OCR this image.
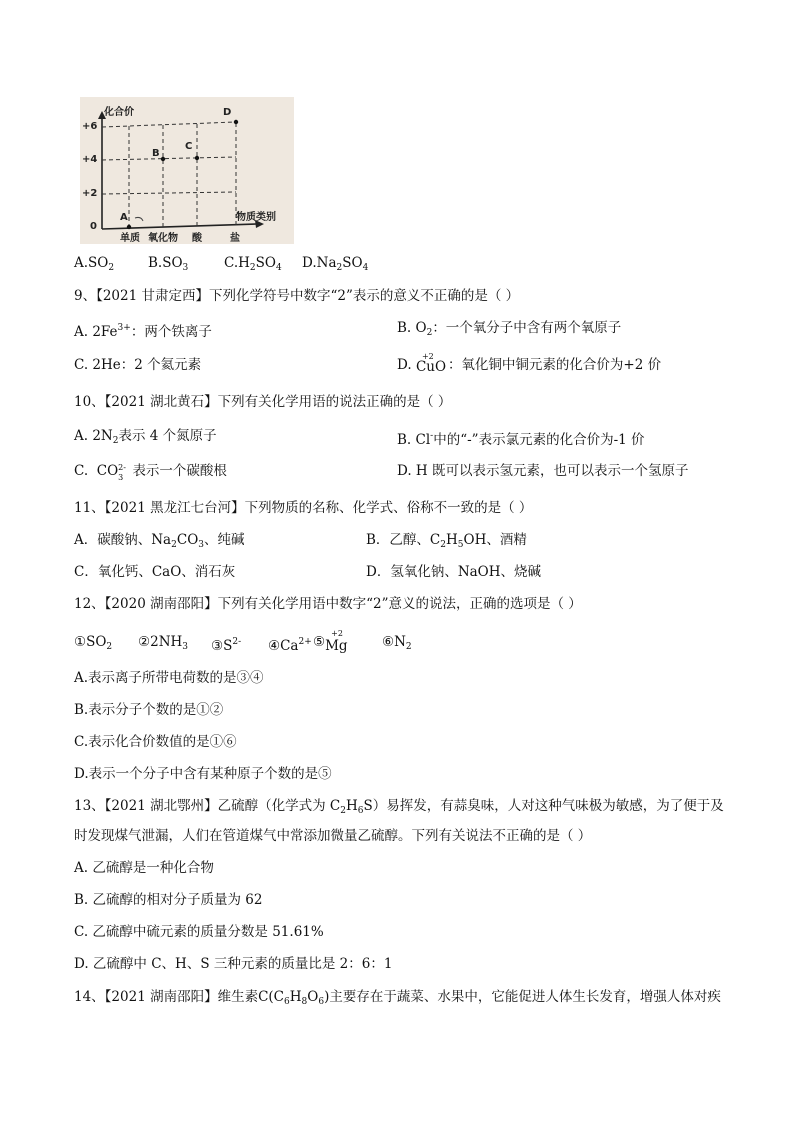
化合价
+6
+4
+2
0
A
B
C
D
物质类别
单质 氧化物 酸	盐
$A.SO_2$	$B.SO_3$	$C.H_2SO_4$ $D.Na_2SO_4$
9、【2021 甘肃定西】下列化学符号中数字“2”表示的意义不正确的是（ ）
A. $2Fe^{3+}$：两个铁离子	B. $O_2$：一个氧分子中含有两个氧原子
C. 2He：2 个氦元素	D.
+2
CuO ：氧化铜中铜元素的化合价为+2 价
10、【2021 湖北黄石】下列有关化学用语的说法正确的是（ ）
A. $2N_2$表示 4 个氮原子	B. Cl-中的“-”表示氯元素的化合价为-1 价
C. CO 2-
3 表示一个碳酸根	D. H 既可以表示氢元素，也可以表示一个氢原子
11、【2021 黑龙江七台河】下列物质的名称、化学式、俗称不一致的是（ ）
A．碳酸钠、$Na_2CO_3$、纯碱	B．乙醇、$C_2H_5OH$、酒精
C．氧化钙、CaO、消石灰	D．氢氧化钠、NaOH、烧碱
12、【2020 湖南邵阳】下列有关化学用语中数字“2”意义的说法，正确的选项是（ ）
$①SO_2$ $②2NH_3$ $③S^{2-}$ $④Ca^{2+}$ ⑤
+2
Mg	$⑥N_2$
A.表示离子所带电荷数的是③④
B.表示分子个数的是①②
C.表示化合价数值的是①⑥
D.表示一个分子中含有某种原子个数的是⑤
13、【2021 湖北鄂州】乙硫醇（化学式为 $C_2H_6S$）易挥发，有蒜臭味，人对这种气味极为敏感，为了便于及
时发现煤气泄漏，人们在管道煤气中常添加微量乙硫醇。下列有关说法不正确的是（ ）
A. 乙硫醇是一种化合物
B. 乙硫醇的相对分子质量为 62
C. 乙硫醇中硫元素的质量分数是 51.61%
D. 乙硫醇中 C、H、S 三种元素的质量比是 2：6：1
14、【2021 湖南邵阳】维生素$C(C_6H_8O_6)$主要存在于蔬菜、水果中，它能促进人体生长发育，增强人体对疾
